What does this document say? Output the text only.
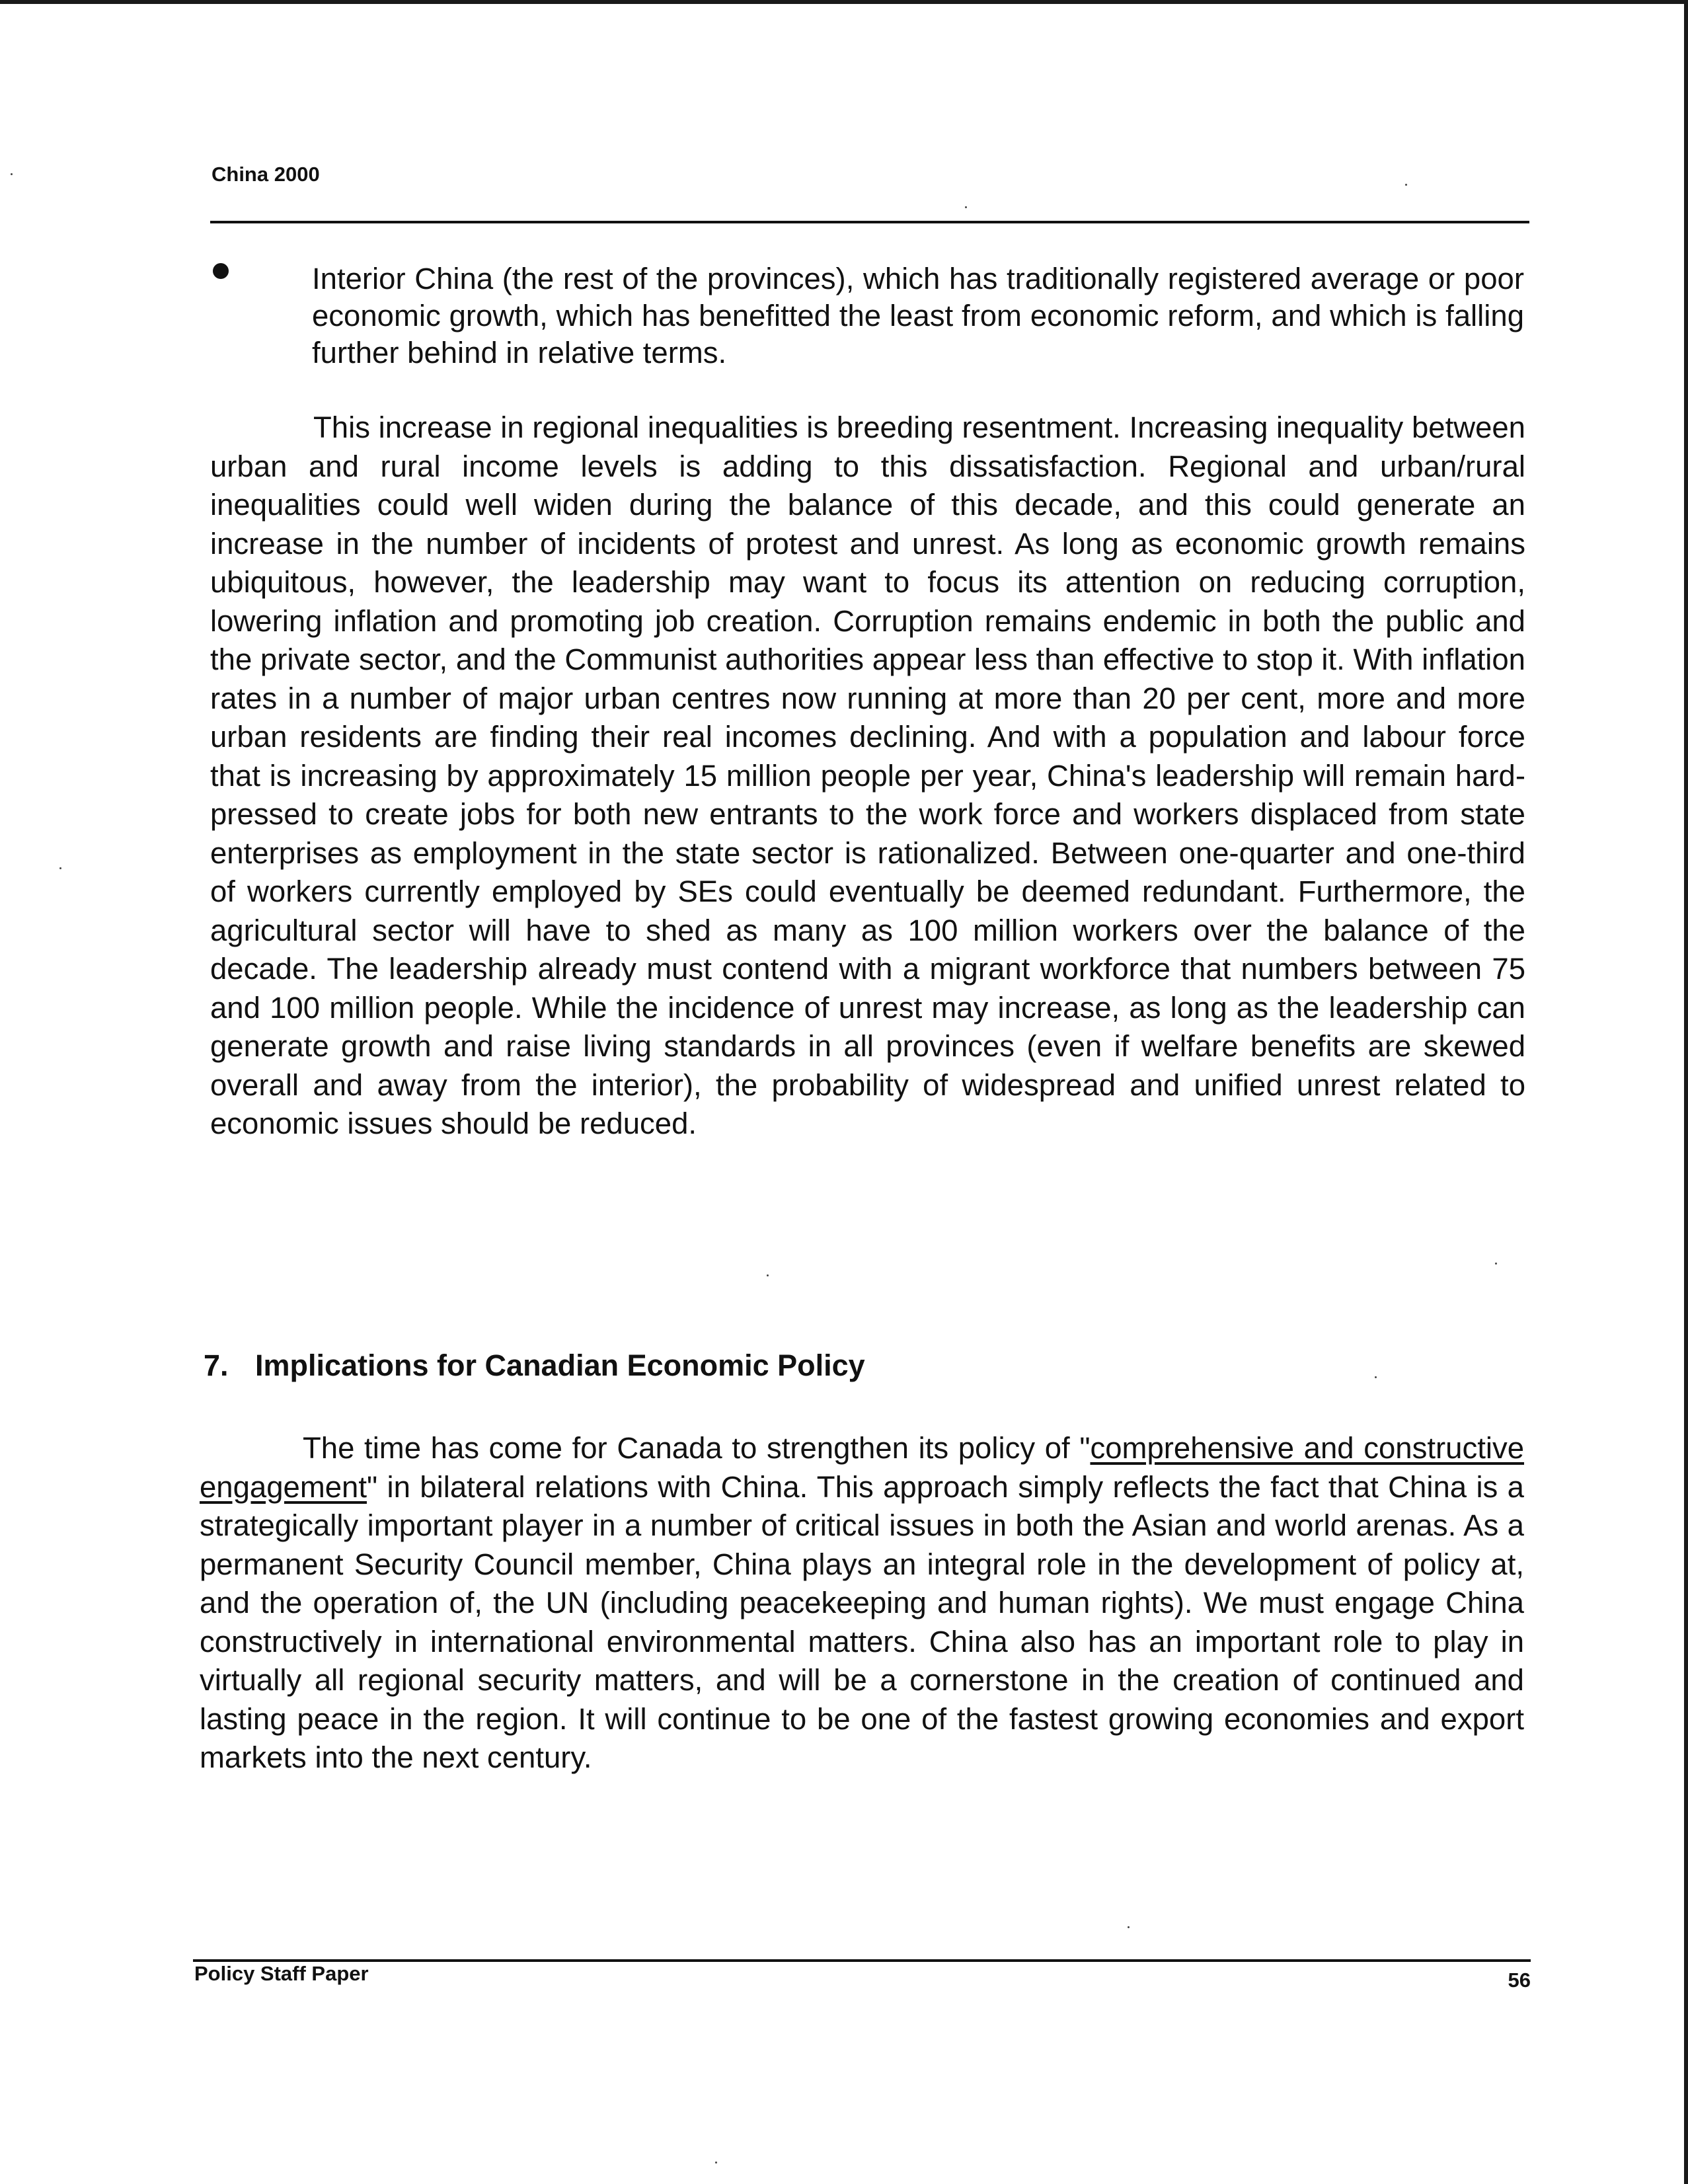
China 2000
Interior China (the rest of the provinces), which has traditionally registered average or poor economic growth, which has benefitted the least from economic reform, and which is falling further behind in relative terms.
This increase in regional inequalities is breeding resentment. Increasing inequality between urban and rural income levels is adding to this dissatisfaction. Regional and urban/rural inequalities could well widen during the balance of this decade, and this could generate an increase in the number of incidents of protest and unrest. As long as economic growth remains ubiquitous, however, the leadership may want to focus its attention on reducing corruption, lowering inflation and promoting job creation. Corruption remains endemic in both the public and the private sector, and the Communist authorities appear less than effective to stop it. With inflation rates in a number of major urban centres now running at more than 20 per cent, more and more urban residents are finding their real incomes declining. And with a population and labour force that is increasing by approximately 15 million people per year, China's leadership will remain hard-pressed to create jobs for both new entrants to the work force and workers displaced from state enterprises as employment in the state sector is rationalized. Between one-quarter and one-third of workers currently employed by SEs could eventually be deemed redundant. Furthermore, the agricultural sector will have to shed as many as 100 million workers over the balance of the decade. The leadership already must contend with a migrant workforce that numbers between 75 and 100 million people. While the incidence of unrest may increase, as long as the leadership can generate growth and raise living standards in all provinces (even if welfare benefits are skewed overall and away from the interior), the probability of widespread and unified unrest related to economic issues should be reduced.
7. Implications for Canadian Economic Policy
The time has come for Canada to strengthen its policy of "comprehensive and constructive engagement" in bilateral relations with China. This approach simply reflects the fact that China is a strategically important player in a number of critical issues in both the Asian and world arenas. As a permanent Security Council member, China plays an integral role in the development of policy at, and the operation of, the UN (including peacekeeping and human rights). We must engage China constructively in international environmental matters. China also has an important role to play in virtually all regional security matters, and will be a cornerstone in the creation of continued and lasting peace in the region. It will continue to be one of the fastest growing economies and export markets into the next century.
Policy Staff Paper	56
